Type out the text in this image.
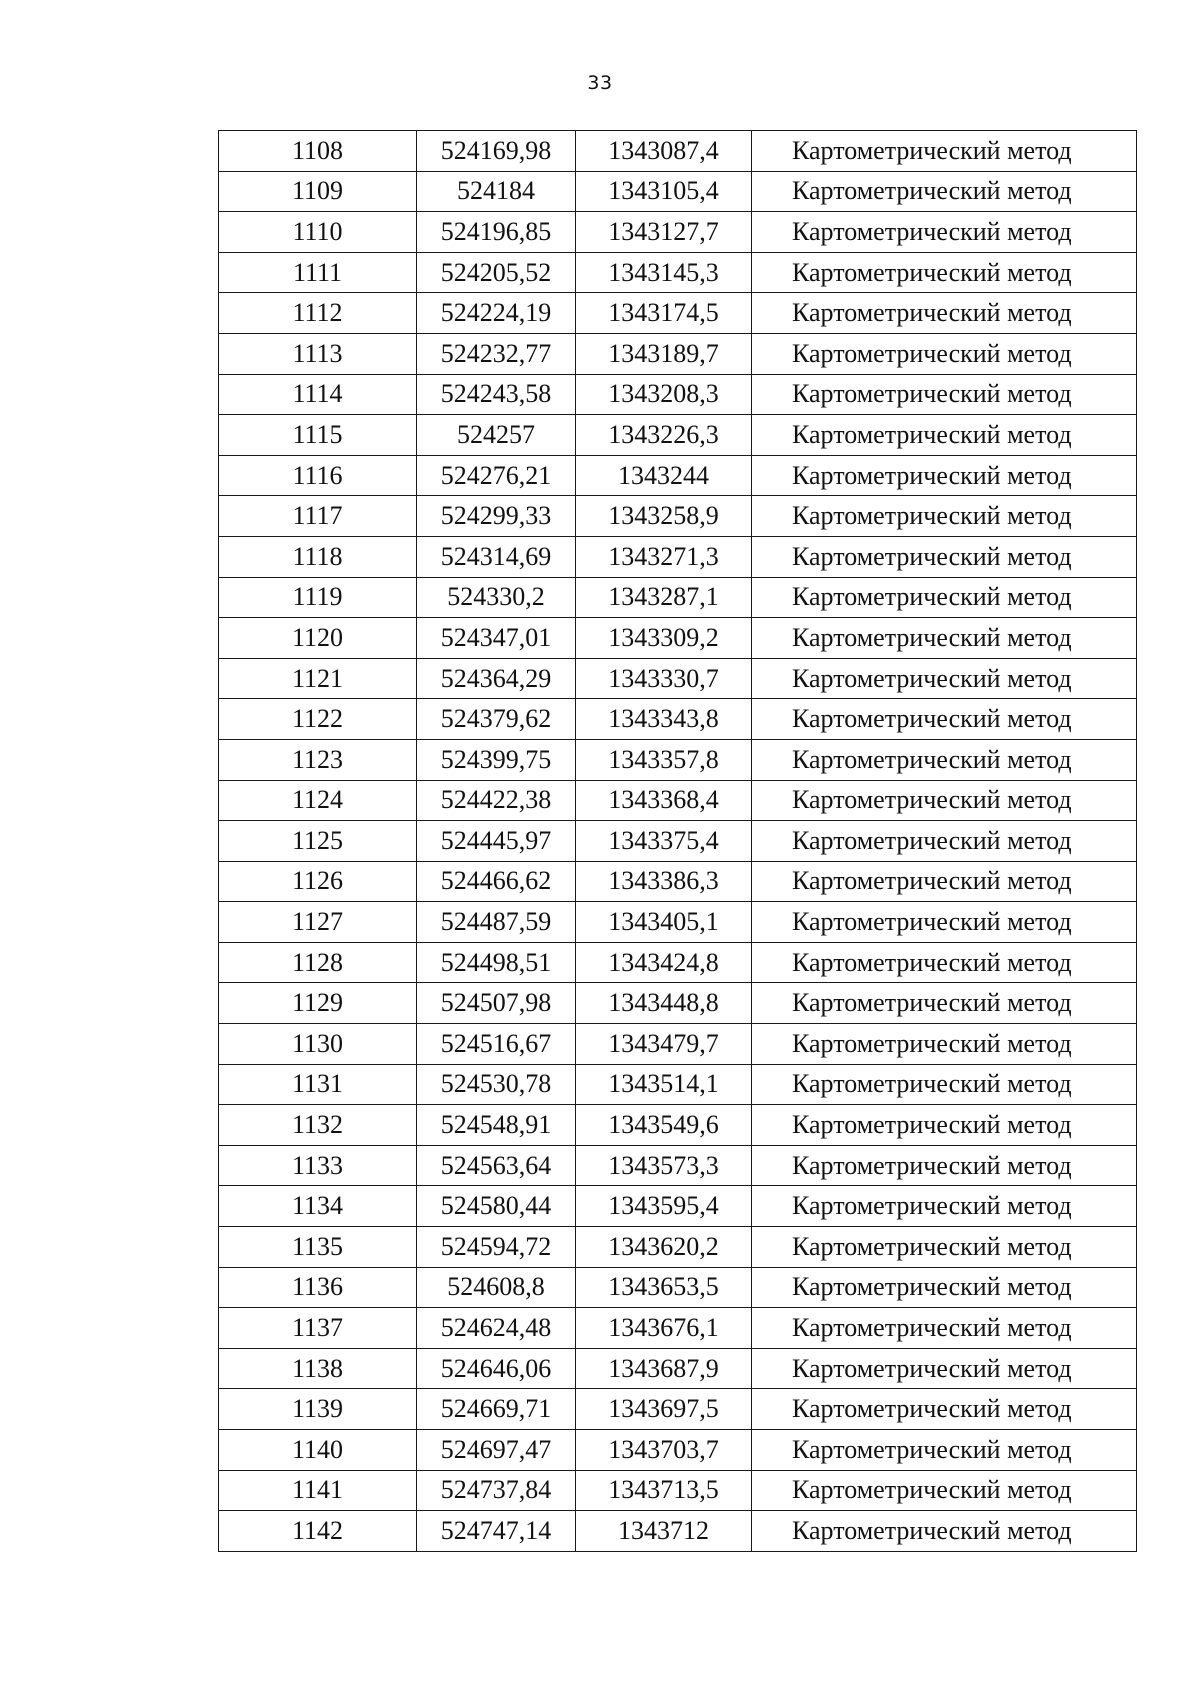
33
1108	524169,98	1343087,4	Картометрический метод
1109	524184	1343105,4	Картометрический метод
1110	524196,85	1343127,7	Картометрический метод
1111	524205,52	1343145,3	Картометрический метод
1112	524224,19	1343174,5	Картометрический метод
1113	524232,77	1343189,7	Картометрический метод
1114	524243,58	1343208,3	Картометрический метод
1115	524257	1343226,3	Картометрический метод
1116	524276,21	1343244	Картометрический метод
1117	524299,33	1343258,9	Картометрический метод
1118	524314,69	1343271,3	Картометрический метод
1119	524330,2	1343287,1	Картометрический метод
1120	524347,01	1343309,2	Картометрический метод
1121	524364,29	1343330,7	Картометрический метод
1122	524379,62	1343343,8	Картометрический метод
1123	524399,75	1343357,8	Картометрический метод
1124	524422,38	1343368,4	Картометрический метод
1125	524445,97	1343375,4	Картометрический метод
1126	524466,62	1343386,3	Картометрический метод
1127	524487,59	1343405,1	Картометрический метод
1128	524498,51	1343424,8	Картометрический метод
1129	524507,98	1343448,8	Картометрический метод
1130	524516,67	1343479,7	Картометрический метод
1131	524530,78	1343514,1	Картометрический метод
1132	524548,91	1343549,6	Картометрический метод
1133	524563,64	1343573,3	Картометрический метод
1134	524580,44	1343595,4	Картометрический метод
1135	524594,72	1343620,2	Картометрический метод
1136	524608,8	1343653,5	Картометрический метод
1137	524624,48	1343676,1	Картометрический метод
1138	524646,06	1343687,9	Картометрический метод
1139	524669,71	1343697,5	Картометрический метод
1140	524697,47	1343703,7	Картометрический метод
1141	524737,84	1343713,5	Картометрический метод
1142	524747,14	1343712	Картометрический метод
